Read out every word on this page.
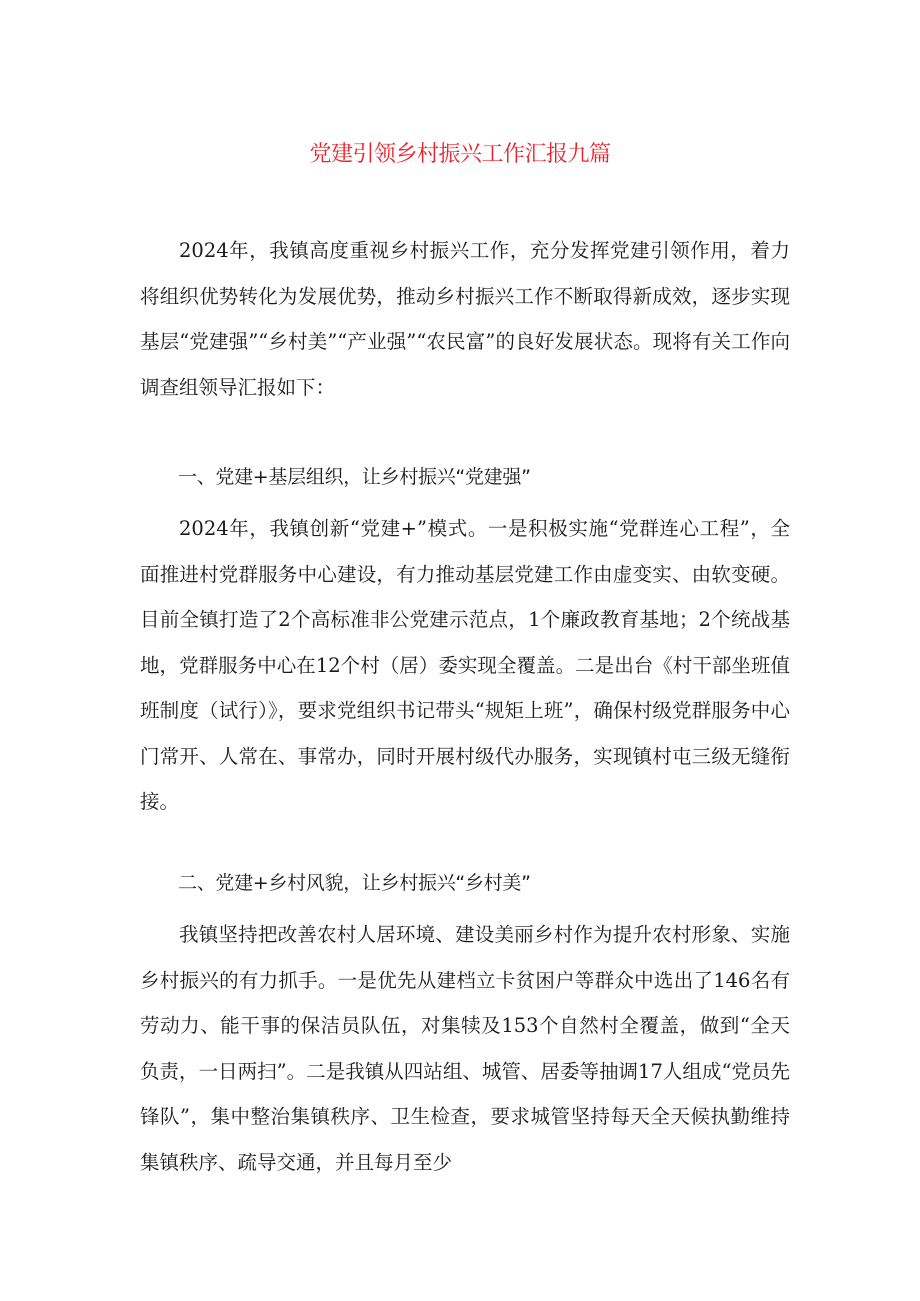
党建引领乡村振兴工作汇报九篇

2024年，我镇高度重视乡村振兴工作，充分发挥党建引领作用，着力将组织优势转化为发展优势，推动乡村振兴工作不断取得新成效，逐步实现基层“党建强”“乡村美”“产业强”“农民富”的良好发展状态。现将有关工作向调查组领导汇报如下：

一、党建+基层组织，让乡村振兴“党建强”

2024年，我镇创新“党建+”模式。一是积极实施“党群连心工程”，全面推进村党群服务中心建设，有力推动基层党建工作由虚变实、由软变硬。目前全镇打造了2个高标准非公党建示范点，1个廉政教育基地；2个统战基地，党群服务中心在12个村（居）委实现全覆盖。二是出台《村干部坐班值班制度（试行）》，要求党组织书记带头“规矩上班”，确保村级党群服务中心门常开、人常在、事常办，同时开展村级代办服务，实现镇村屯三级无缝衔接。

二、党建+乡村风貌，让乡村振兴“乡村美”

我镇坚持把改善农村人居环境、建设美丽乡村作为提升农村形象、实施乡村振兴的有力抓手。一是优先从建档立卡贫困户等群众中选出了146名有劳动力、能干事的保洁员队伍，对集犊及153个自然村全覆盖，做到“全天负责，一日两扫”。二是我镇从四站组、城管、居委等抽调17人组成“党员先锋队”，集中整治集镇秩序、卫生检查，要求城管坚持每天全天候执勤维持集镇秩序、疏导交通，并且每月至少
